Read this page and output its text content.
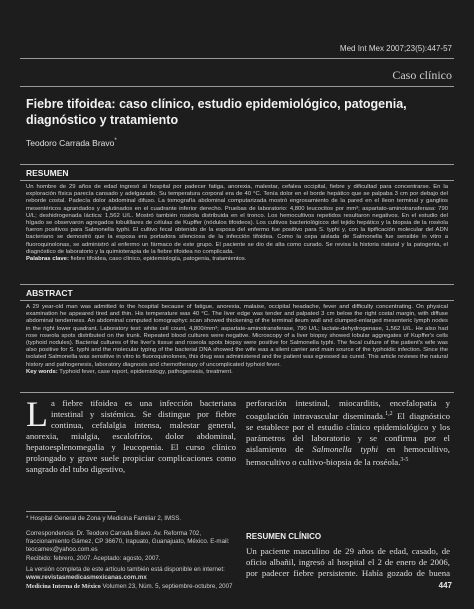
Med Int Mex 2007;23(5):447-57
Caso clínico
Fiebre tifoidea: caso clínico, estudio epidemiológico, patogenia, diagnóstico y tratamiento
Teodoro Carrada Bravo*
RESUMEN
Un hombre de 29 años de edad ingresó al hospital por padecer fatiga, anorexia, malestar, cefalea occipital, fiebre y dificultad para concentrarse. En la exploración física parecía cansado y adelgazado. Su temperatura corporal era de 40 °C. Tenía dolor en el borde hepático que se palpaba 3 cm por debajo del reborde costal. Padecía dolor abdominal difuso. La tomografía abdominal computarizada mostró engrosamiento de la pared en el íleon terminal y ganglios mesentéricos agrandados y aglutinados en el cuadrante inferior derecho. Pruebas de laboratorio: 4,800 leucocitos por mm³; aspartato-aminotransferasa: 790 U/L; deshidrogenada láctica: 1,562 U/L. Mostró también roséola distribuida en el tronco. Los hemocultivos repetidos resultaron negativos. En el estudio del hígado se observaron agregados lobulillares de células de Kupffer (nódulos tifoideos). Los cultivos bacteriológicos del tejido hepático y la biopsia de la roséola fueron positivos para Salmonella typhi. El cultivo fecal obtenido de la esposa del enfermo fue positivo para S. typhi y, con la tipificación molecular del ADN bacteriano se demostró que la esposa era portadora silenciosa de la infección tifoidea. Como la cepa aislada de Salmonella fue sensible in vitro a fluoroquinolonas, se administró al enfermo un fármaco de este grupo. El paciente se dio de alta como curado. Se revisa la historia natural y la patogenia, el diagnóstico de laboratorio y la quimioterapia de la fiebre tifoidea no complicada.
Palabras clave: fiebre tifoidea, caso clínico, epidemiología, patogenia, tratamientos.
ABSTRACT
A 29 year-old man was admitted to the hospital because of fatigue, anorexia, malaise, occipital headache, fever and difficulty concentrating. On physical examination he appeared tired and thin. His temperature was 40 °C. The liver edge was tender and palpated 3 cm below the right costal margin, with diffuse abdominal tenderness. An abdominal computed tomographyc scan showed thickening of the terminal ileum wall and clumped-enlarged mesenteric lymph nodes in the right lower quadrant. Laboratory test: white cell count, 4,800/mm³; aspartate-aminotransferase, 790 U/L; lactate-dehydrogenase, 1,562 U/L. He also had rose roseola spots distributed on the trunk. Repeated blood cultures were negative. Microscopy of a liver biopsy showed lobular aggregates of Kupffer's cells (typhoid nodules). Bacterial cultures of the liver's tissue and roseola spots biopsy were positive for Salmonella typhi. The fecal culture of the patient's wife was also positive for S. typhi and the molecular typing of the bacterial DNA showed the wife was a silent carrier and main source of the typhoidic infection. Since the isolated Salmonella was sensitive in vitro to fluoroquinolones, this drug was administered and the patient was egressed as cured. This article reviews the natural history and pathogenesis, laboratory diagnosis and chemotherapy of uncomplicated typhoid fever.
Key words: Typhoid fever, case report, epidemiology, pathogenesis, treatment.
La fiebre tifoidea es una infección bacteriana intestinal y sistémica. Se distingue por fiebre continua, cefalalgia intensa, malestar general, anorexia, mialgia, escalofríos, dolor abdominal, hepatoesplenomegalia y leucopenia. El curso clínico prolongado y grave suele propiciar complicaciones como sangrado del tubo digestivo,
perforación intestinal, miocarditis, encefalopatía y coagulación intravascular diseminada.$^{1,2}$ El diagnóstico se establece por el estudio clínico epidemiológico y los parámetros del laboratorio y se confirma por el aislamiento de Salmonella typhi en hemocultivo, hemocultivo o cultivo-biopsia de la roséola.$^{3-5}$
* Hospital General de Zona y Medicina Familiar 2, IMSS.
Correspondencia: Dr. Teodoro Carrada Bravo. Av. Reforma 702, fraccionamiento Gámez, CP 36670, Irapuato, Guanajuato, México. E-mail: teocamex@yahoo.com.es
Recibido: febrero, 2007. Aceptado: agosto, 2007.
La versión completa de este artículo también está disponible en internet: www.revistasmedicasmexicanas.com.mx
RESUMEN CLÍNICO
Un paciente masculino de 29 años de edad, casado, de oficio albañil, ingresó al hospital el 2 de enero de 2006, por padecer fiebre persistente. Había gozado de buena
Medicina Interna de México Volumen 23, Núm. 5, septiembre-octubre, 2007	447
